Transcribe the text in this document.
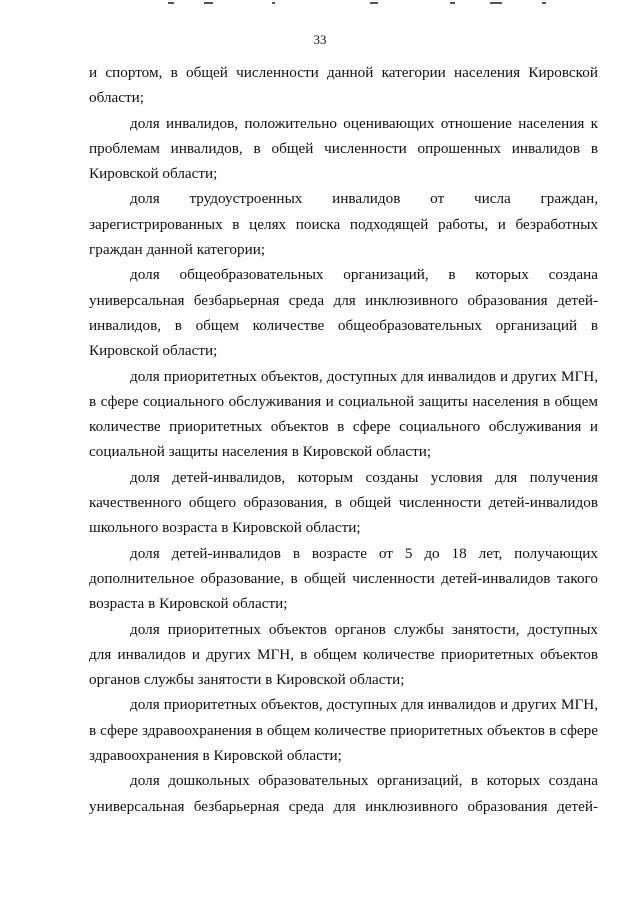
33

и спортом, в общей численности данной категории населения Кировской области;

доля инвалидов, положительно оценивающих отношение населения к проблемам инвалидов, в общей численности опрошенных инвалидов в Кировской области;

доля трудоустроенных инвалидов от числа граждан, зарегистрированных в целях поиска подходящей работы, и безработных граждан данной категории;

доля общеобразовательных организаций, в которых создана универсальная безбарьерная среда для инклюзивного образования детей-инвалидов, в общем количестве общеобразовательных организаций в Кировской области;

доля приоритетных объектов, доступных для инвалидов и других МГН, в сфере социального обслуживания и социальной защиты населения в общем количестве приоритетных объектов в сфере социального обслуживания и социальной защиты населения в Кировской области;

доля детей-инвалидов, которым созданы условия для получения качественного общего образования, в общей численности детей-инвалидов школьного возраста в Кировской области;

доля детей-инвалидов в возрасте от 5 до 18 лет, получающих дополнительное образование, в общей численности детей-инвалидов такого возраста в Кировской области;

доля приоритетных объектов органов службы занятости, доступных для инвалидов и других МГН, в общем количестве приоритетных объектов органов службы занятости в Кировской области;

доля приоритетных объектов, доступных для инвалидов и других МГН, в сфере здравоохранения в общем количестве приоритетных объектов в сфере здравоохранения в Кировской области;

доля дошкольных образовательных организаций, в которых создана универсальная безбарьерная среда для инклюзивного образования детей-
